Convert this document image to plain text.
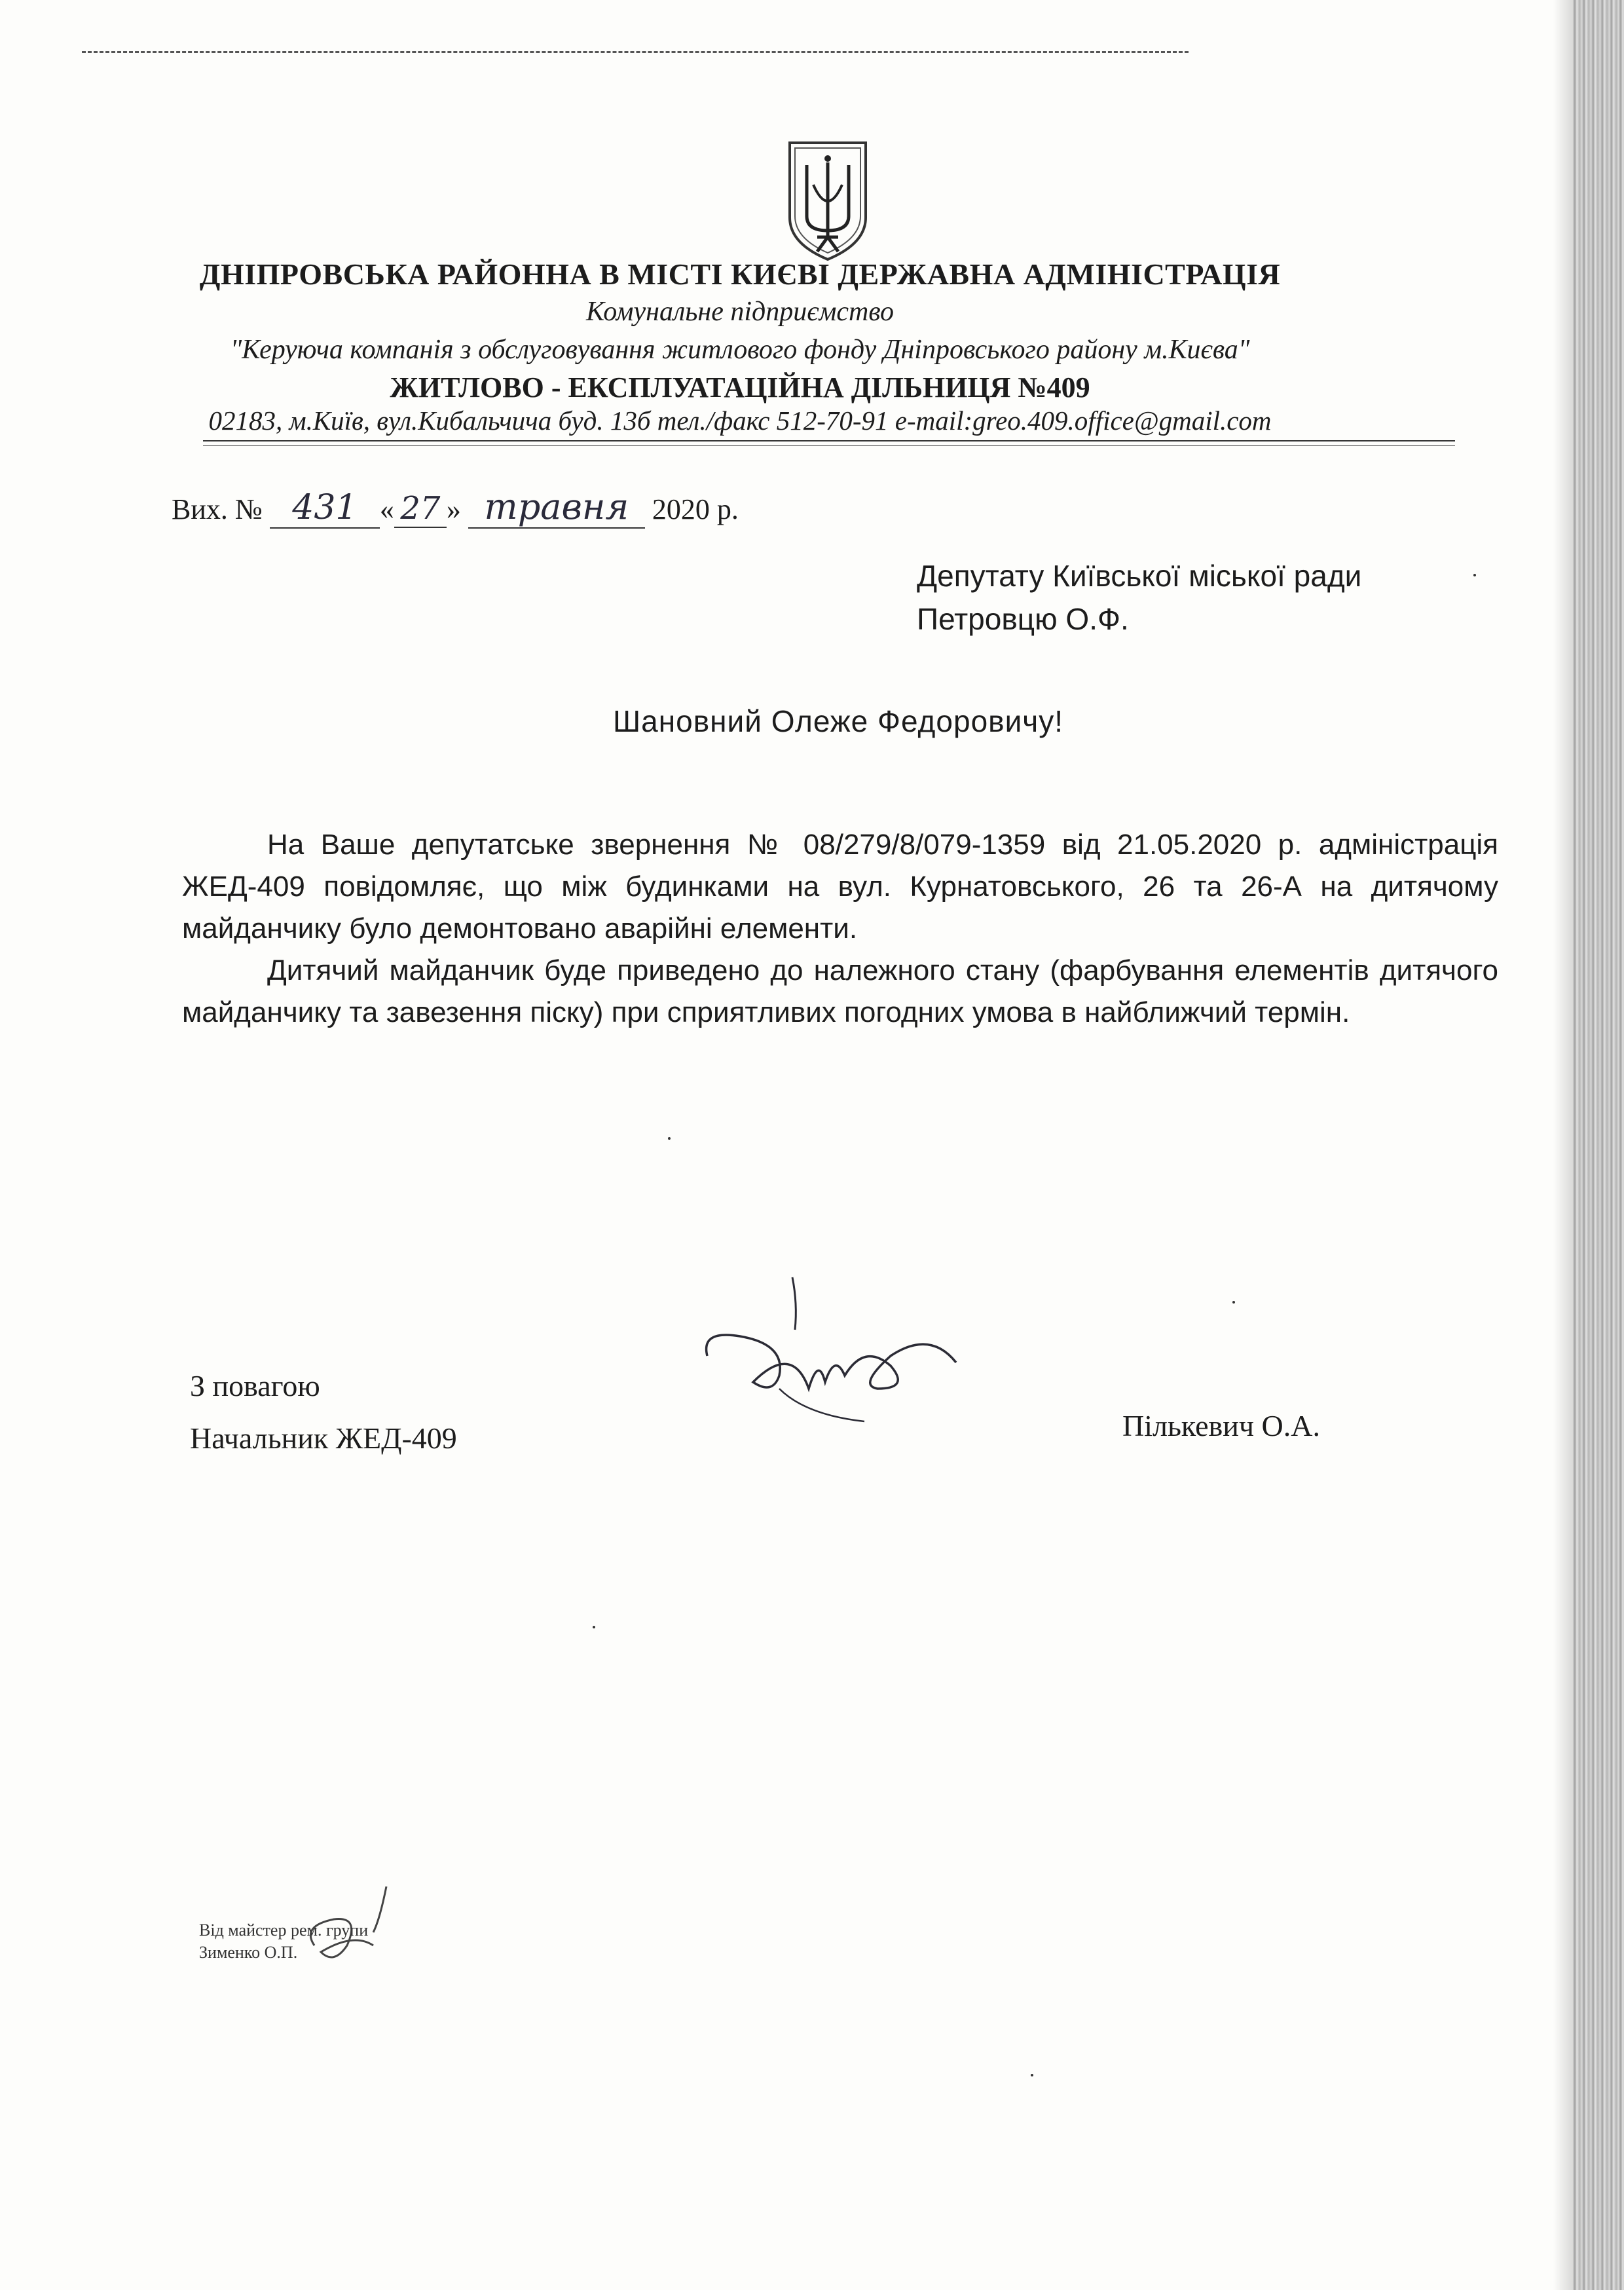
ДНІПРОВСЬКА РАЙОННА В МІСТІ КИЄВІ ДЕРЖАВНА АДМІНІСТРАЦІЯ
Комунальне підприємство
"Керуюча компанія з обслуговування житлового фонду Дніпровського району м.Києва"
ЖИТЛОВО - ЕКСПЛУАТАЦІЙНА ДІЛЬНИЦЯ №409
02183, м.Київ, вул.Кибальчича буд. 13б тел./факс 512-70-91 e-mail:greo.409.office@gmail.com
Вих. № 431 « 27 » травня 2020 р.
Депутату Київської міської ради
Петровцю О.Ф.
Шановний Олеже Федоровичу!

На Ваше депутатське звернення № 08/279/8/079-1359 від 21.05.2020 р. адміністрація ЖЕД-409 повідомляє, що між будинками на вул. Курнатовського, 26 та 26-А на дитячому майданчику було демонтовано аварійні елементи.

Дитячий майданчик буде приведено до належного стану (фарбування елементів дитячого майданчику та завезення піску) при сприятливих погодних умова в найближчий термін.

З повагою
Начальник ЖЕД-409	Пількевич О.А.
Від майстер рем. групи
Зименко О.П.
